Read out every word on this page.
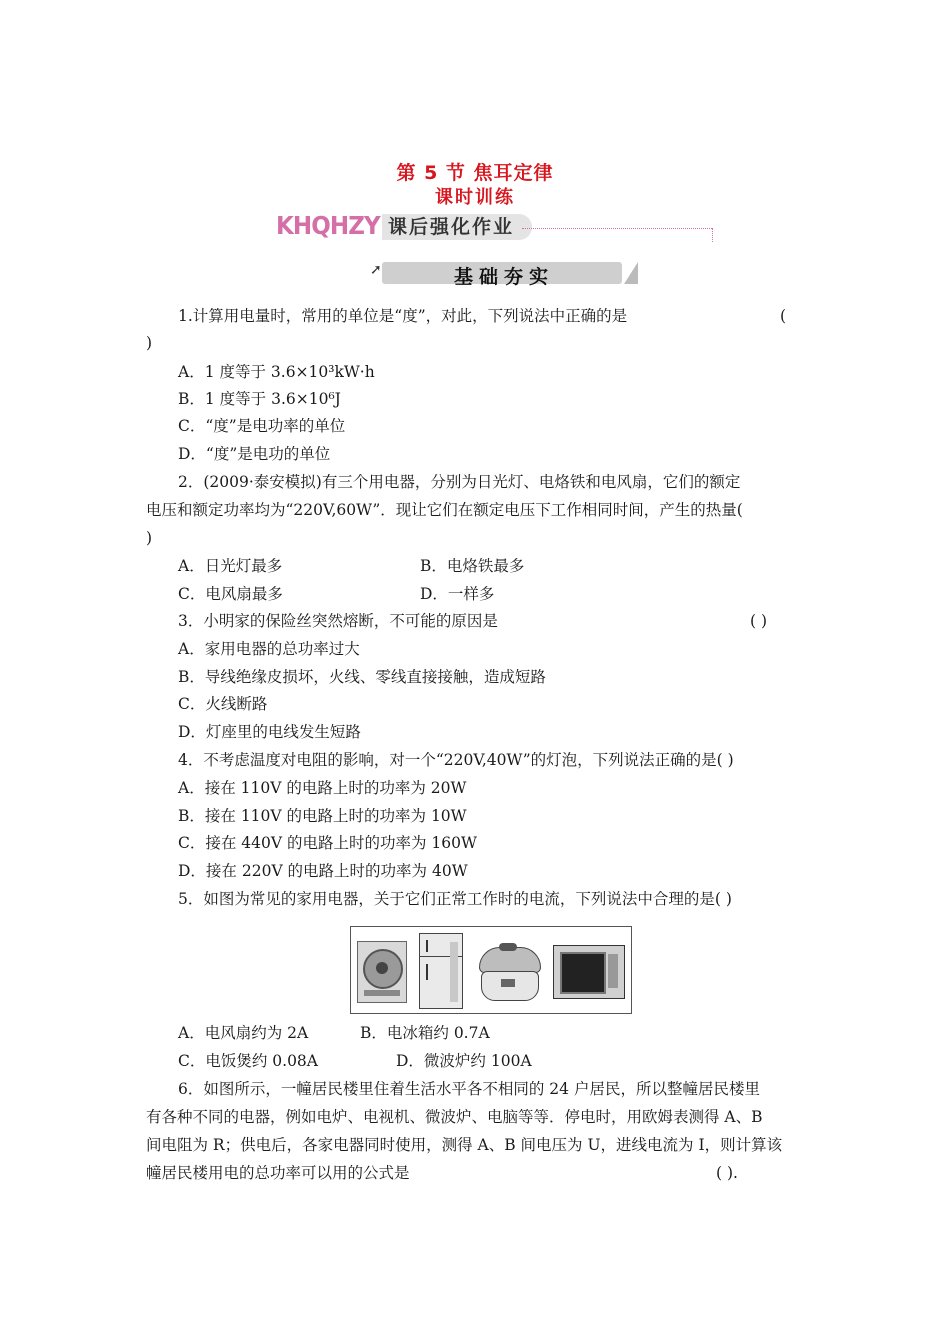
第 5 节 焦耳定律
课时训练
KHQHZY 课后强化作业
➚	基础夯实
1.计算用电量时，常用的单位是“度”，对此，下列说法中正确的是	(
)
A．1 度等于 3.6×10³kW·h
B．1 度等于 3.6×10⁶J
C．“度”是电功率的单位
D．“度”是电功的单位
2．(2009·泰安模拟)有三个用电器，分别为日光灯、电烙铁和电风扇，它们的额定
电压和额定功率均为“220V,60W”．现让它们在额定电压下工作相同时间，产生的热量(
)
A．日光灯最多	B．电烙铁最多
C．电风扇最多	D．一样多
3．小明家的保险丝突然熔断，不可能的原因是	( )
A．家用电器的总功率过大
B．导线绝缘皮损坏，火线、零线直接接触，造成短路
C．火线断路
D．灯座里的电线发生短路
4．不考虑温度对电阻的影响，对一个“220V,40W”的灯泡，下列说法正确的是( )
A．接在 110V 的电路上时的功率为 20W
B．接在 110V 的电路上时的功率为 10W
C．接在 440V 的电路上时的功率为 160W
D．接在 220V 的电路上时的功率为 40W
5．如图为常见的家用电器，关于它们正常工作时的电流，下列说法中合理的是( )
A．电风扇约为 2A	B．电冰箱约 0.7A
C．电饭煲约 0.08A	D．微波炉约 100A
6．如图所示，一幢居民楼里住着生活水平各不相同的 24 户居民，所以整幢居民楼里
有各种不同的电器，例如电炉、电视机、微波炉、电脑等等．停电时，用欧姆表测得 A、B
间电阻为 R；供电后，各家电器同时使用，测得 A、B 间电压为 U，进线电流为 I，则计算该
幢居民楼用电的总功率可以用的公式是	( ).
